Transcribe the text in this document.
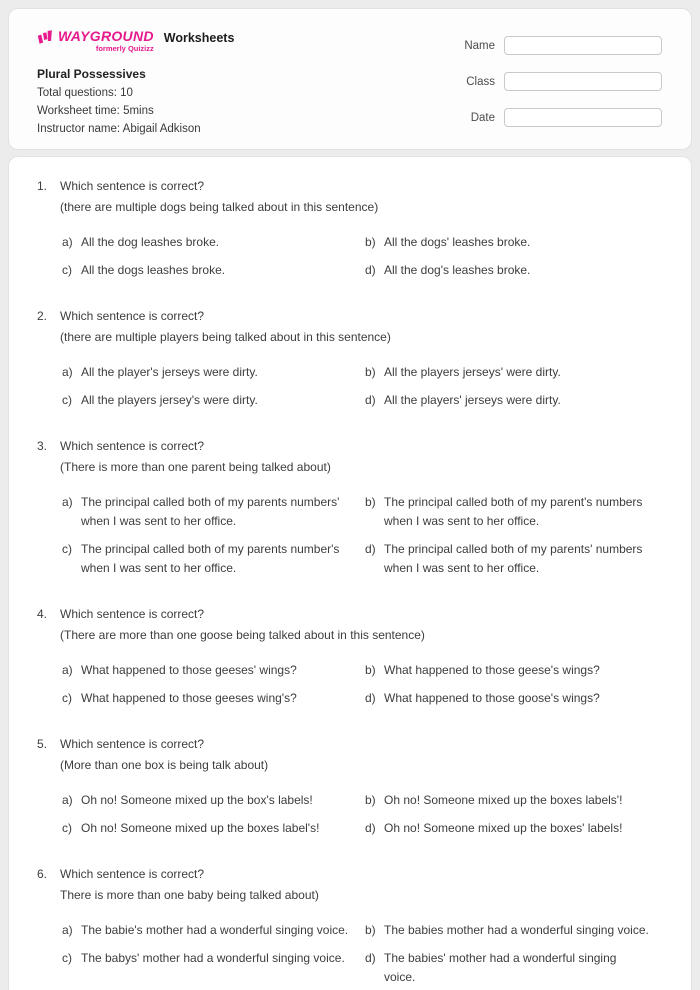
WAYGROUND
formerly Quizizz
Worksheets
Plural Possessives
Total questions: 10
Worksheet time: 5mins
Instructor name: Abigail Adkison
Name
Class
Date
1.	Which sentence is correct?
(there are multiple dogs being talked about in this sentence)
a) All the dog leashes broke.	b) All the dogs' leashes broke.
c) All the dogs leashes broke.	d) All the dog's leashes broke.
2.	Which sentence is correct?
(there are multiple players being talked about in this sentence)
a) All the player's jerseys were dirty.	b) All the players jerseys' were dirty.
c) All the players jersey's were dirty.	d) All the players' jerseys were dirty.
3.	Which sentence is correct?
(There is more than one parent being talked about)
a) The principal called both of my parents numbers' when I was sent to her office.
b) The principal called both of my parent's numbers when I was sent to her office.
c) The principal called both of my parents number's when I was sent to her office.
d) The principal called both of my parents' numbers when I was sent to her office.
4.	Which sentence is correct?
(There are more than one goose being talked about in this sentence)
a) What happened to those geeses' wings?	b) What happened to those geese's wings?
c) What happened to those geeses wing's?	d) What happened to those goose's wings?
5.	Which sentence is correct?
(More than one box is being talk about)
a) Oh no! Someone mixed up the box's labels!	b) Oh no! Someone mixed up the boxes labels'!
c) Oh no! Someone mixed up the boxes label's!	d) Oh no! Someone mixed up the boxes' labels!
6.	Which sentence is correct?
There is more than one baby being talked about)
a) The babie's mother had a wonderful singing voice. b) The babies mother had a wonderful singing voice.
c) The babys' mother had a wonderful singing voice. d) The babies' mother had a wonderful singing voice.
